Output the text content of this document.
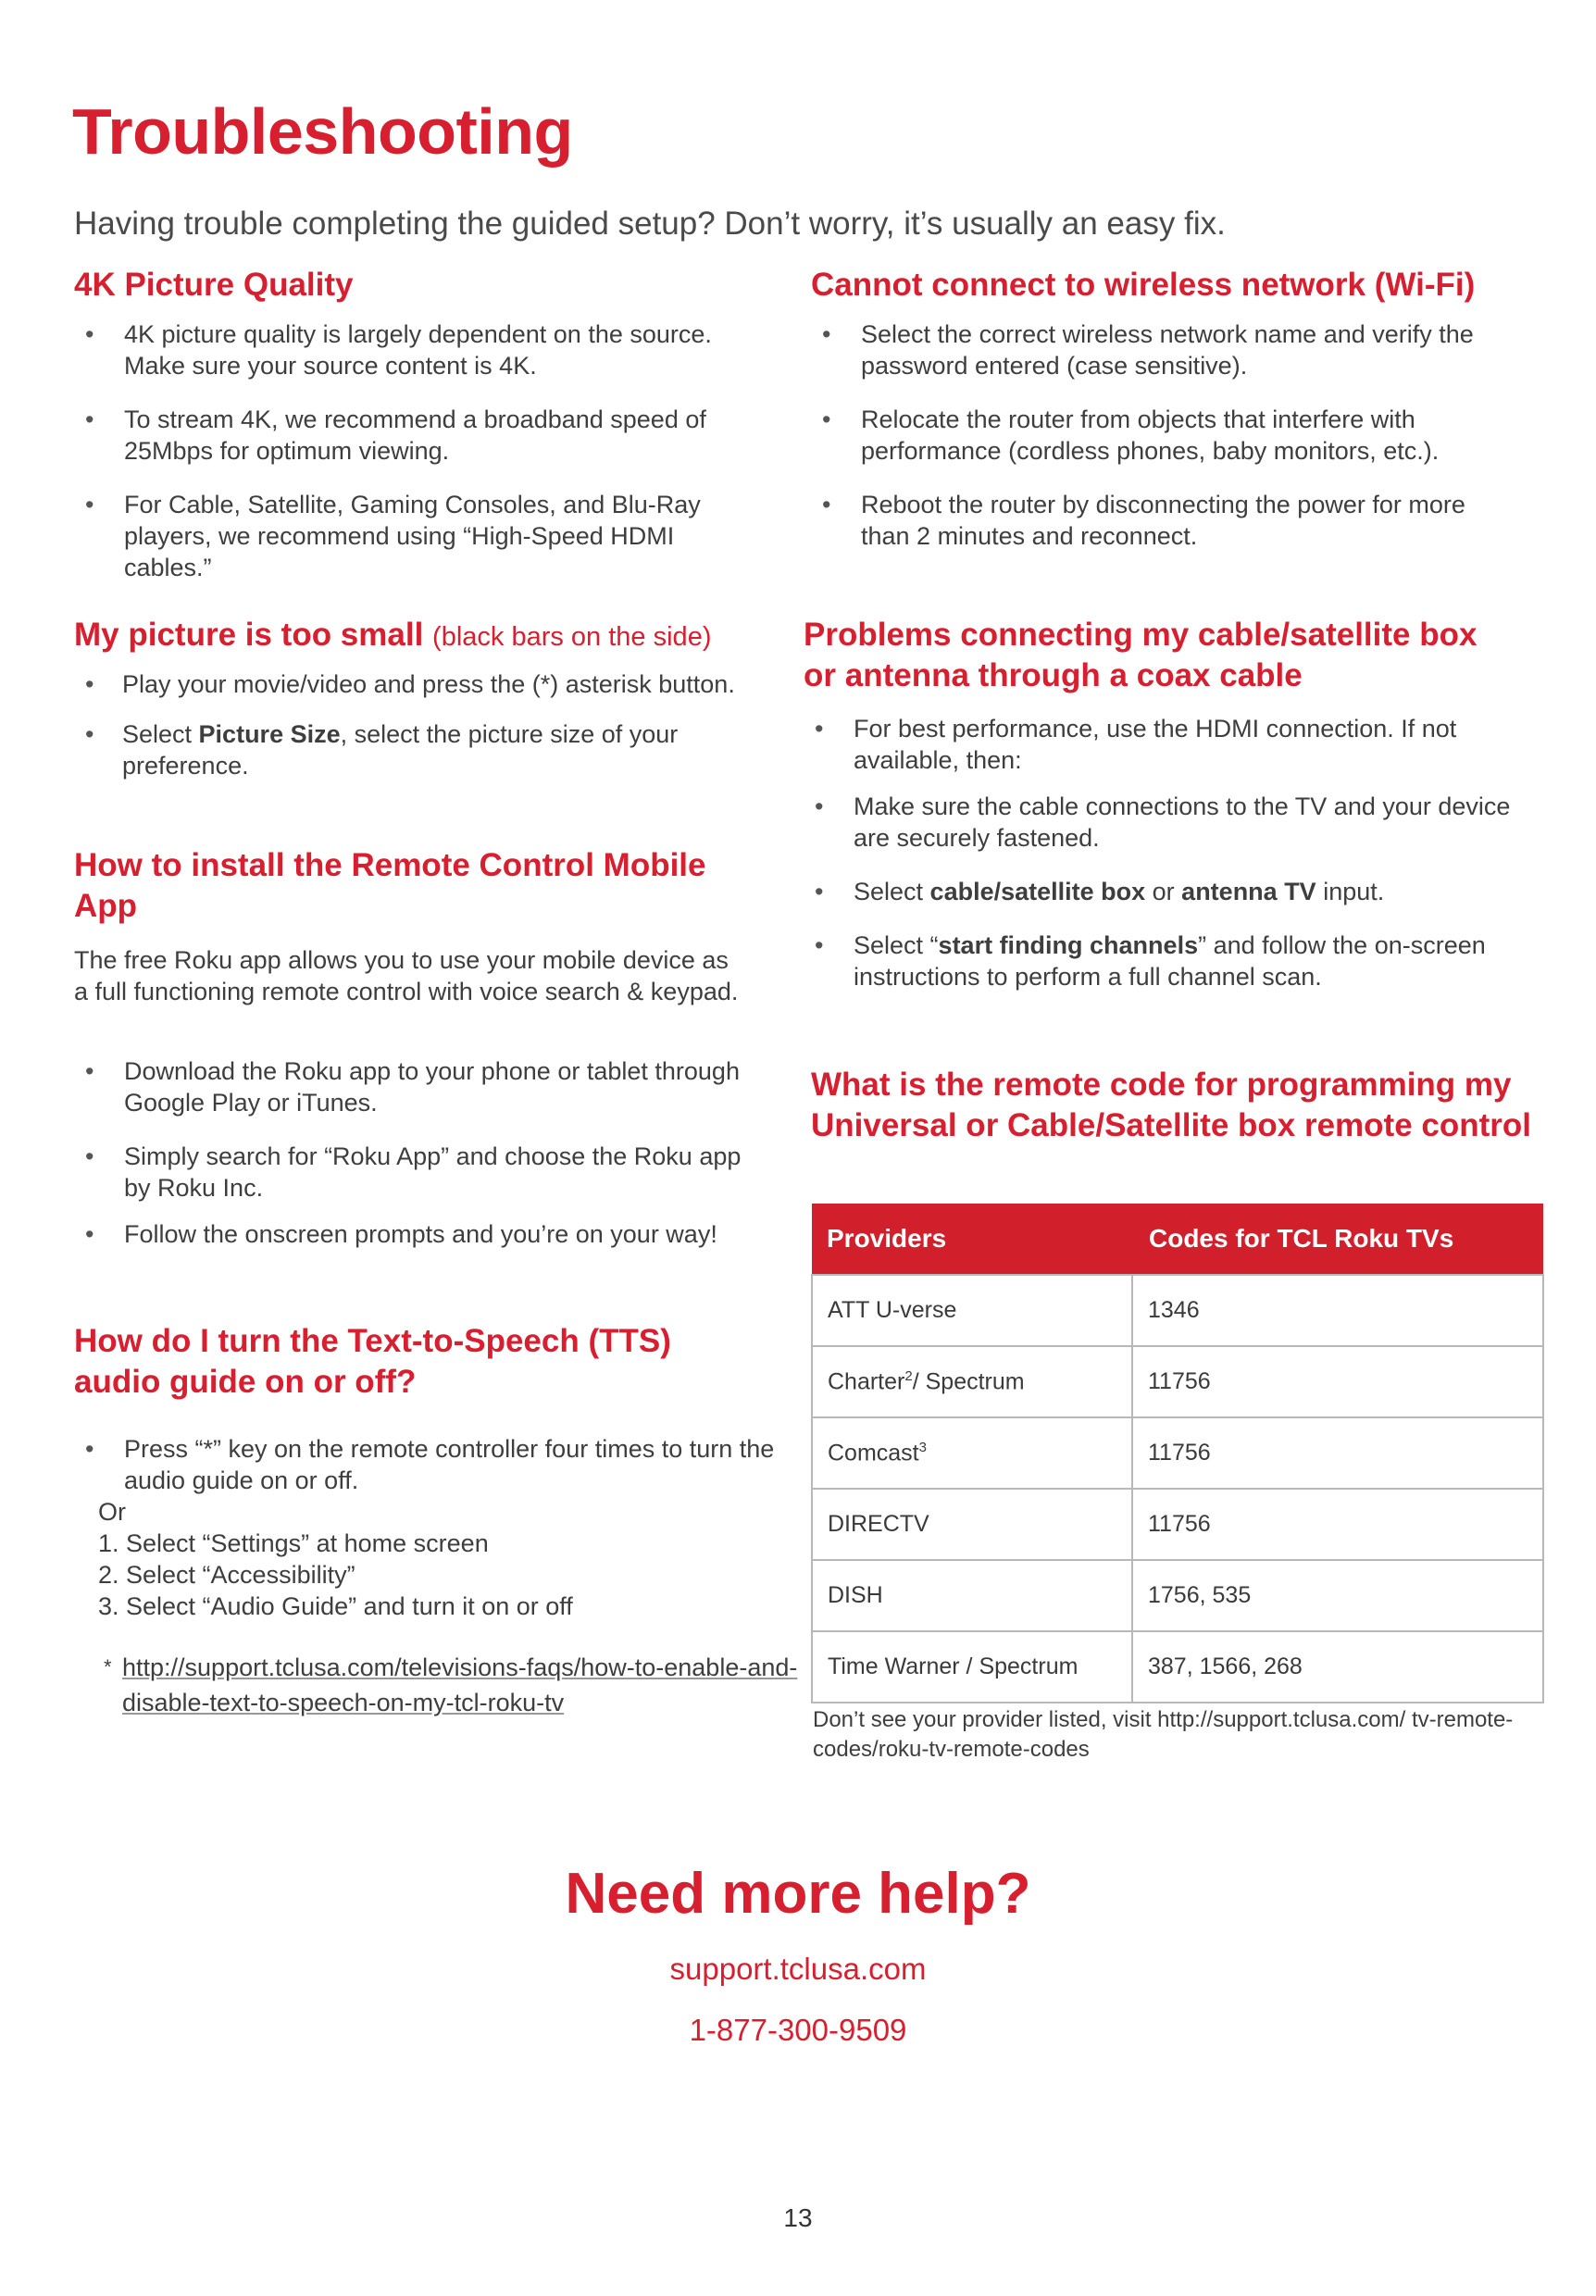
Troubleshooting

Having trouble completing the guided setup? Don’t worry, it’s usually an easy fix.

4K Picture Quality
• 4K picture quality is largely dependent on the source. Make sure your source content is 4K.
• To stream 4K, we recommend a broadband speed of 25Mbps for optimum viewing.
• For Cable, Satellite, Gaming Consoles, and Blu-Ray players, we recommend using “High-Speed HDMI cables.”
My picture is too small (black bars on the side)
• Play your movie/video and press the (*) asterisk button.
• Select Picture Size, select the picture size of your preference.
How to install the Remote Control Mobile App

The free Roku app allows you to use your mobile device as a full functioning remote control with voice search & keypad.

• Download the Roku app to your phone or tablet through Google Play or iTunes.
• Simply search for “Roku App” and choose the Roku app by Roku Inc.
• Follow the onscreen prompts and you’re on your way!
How do I turn the Text-to-Speech (TTS) audio guide on or off?
• Press “*” key on the remote controller four times to turn the audio guide on or off.

Or

1. Select “Settings” at home screen
2. Select “Accessibility”
3. Select “Audio Guide” and turn it on or off
* http://support.tclusa.com/televisions-faqs/how-to-enable-and-disable-text-to-speech-on-my-tcl-roku-tv
Cannot connect to wireless network (Wi-Fi)
• Select the correct wireless network name and verify the password entered (case sensitive).
• Relocate the router from objects that interfere with performance (cordless phones, baby monitors, etc.).
• Reboot the router by disconnecting the power for more than 2 minutes and reconnect.
Problems connecting my cable/satellite box or antenna through a coax cable
• For best performance, use the HDMI connection. If not available, then:
• Make sure the cable connections to the TV and your device are securely fastened.
• Select cable/satellite box or antenna TV input.
• Select “start finding channels” and follow the on-screen instructions to perform a full channel scan.
What is the remote code for programming my Universal or Cable/Satellite box remote control
Providers	Codes for TCL Roku TVs
ATT U-verse	1346
Charter$^2$/ Spectrum	11756
Comcast$^3$	11756
DIRECTV	11756
DISH	1756, 535
Time Warner / Spectrum	387, 1566, 268

Don’t see your provider listed, visit http://support.tclusa.com/ tv-remote-codes/roku-tv-remote-codes

Need more help?

support.tclusa.com

1-877-300-9509

13
